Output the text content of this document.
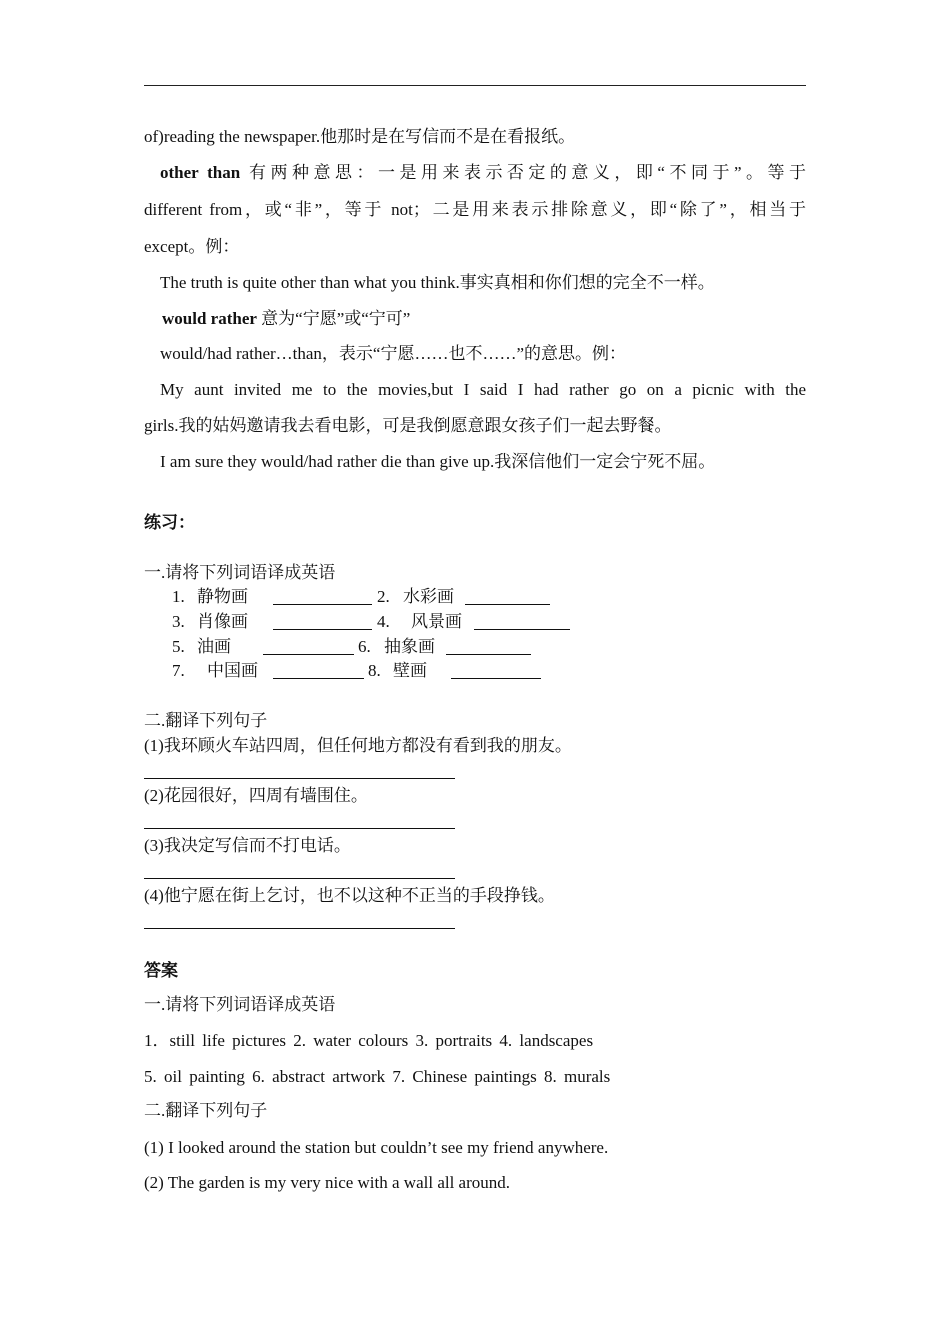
of)reading the newspaper.他那时是在写信而不是在看报纸。
other than 有两种意思：一是用来表示否定的意义，即“不同于”。等于
different from，或“非”，等于 not；二是用来表示排除意义，即“除了”，相当于
except。例：
The truth is quite other than what you think.事实真相和你们想的完全不一样。
would rather 意为“宁愿”或“宁可”
would/had rather…than，表示“宁愿……也不……”的意思。例：
My aunt invited me to the movies,but I said I had rather go on a picnic with the
girls.我的姑妈邀请我去看电影，可是我倒愿意跟女孩子们一起去野餐。
I am sure they would/had rather die than give up.我深信他们一定会宁死不屈。
练习：
一.请将下列词语译成英语
1. 静物画	2. 水彩画
3. 肖像画	4. 风景画
5. 油画	6. 抽象画
7. 中国画	8. 壁画
二.翻译下列句子
(1)我环顾火车站四周，但任何地方都没有看到我的朋友。
(2)花园很好，四周有墙围住。
(3)我决定写信而不打电话。
(4)他宁愿在街上乞讨，也不以这种不正当的手段挣钱。
答案
一.请将下列词语译成英语
1．still life pictures 2. water colours 3. portraits 4. landscapes
5. oil painting 6. abstract artwork 7. Chinese paintings 8. murals
二.翻译下列句子
(1) I looked around the station but couldn’t see my friend anywhere.
(2) The garden is my very nice with a wall all around.
